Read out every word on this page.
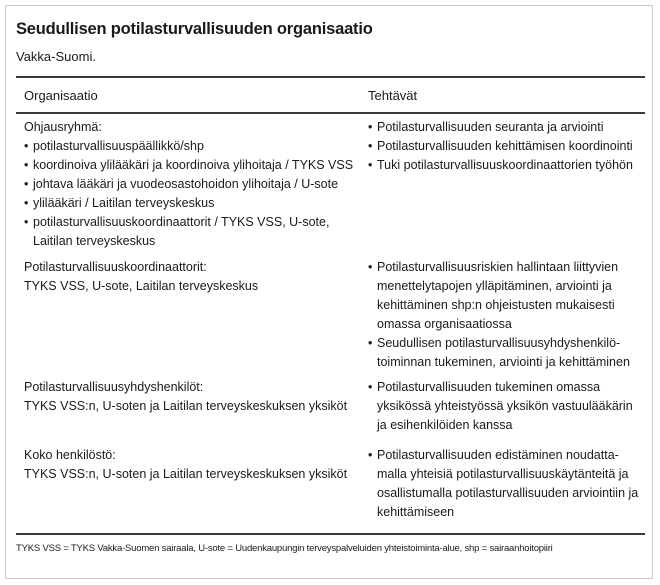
Seudullisen potilasturvallisuuden organisaatio
Vakka-Suomi.
Organisaatio	Tehtävät
Ohjausryhmä:
• potilasturvallisuuspäällikkö/shp
• koordinoiva ylilääkäri ja koordinoiva ylihoitaja / TYKS VSS
• johtava lääkäri ja vuodeosastohoidon ylihoitaja / U-sote
• ylilääkäri / Laitilan terveyskeskus
• potilasturvallisuuskoordinaattorit / TYKS VSS, U-sote, Laitilan terveyskeskus
• Potilasturvallisuuden seuranta ja arviointi
• Potilasturvallisuuden kehittämisen koordinointi
• Tuki potilasturvallisuuskoordinaattorien työhön
Potilasturvallisuuskoordinaattorit:
TYKS VSS, U-sote, Laitilan terveyskeskus
• Potilasturvallisuusriskien hallintaan liittyvien menettelytapojen ylläpitäminen, arviointi ja kehittäminen shp:n ohjeistusten mukaisesti omassa organisaatiossa
• Seudullisen potilasturvallisuusyhdyshenkilö-toiminnan tukeminen, arviointi ja kehittäminen
Potilasturvallisuusyhdyshenkilöt:
TYKS VSS:n, U-soten ja Laitilan terveyskeskuksen yksiköt
• Potilasturvallisuuden tukeminen omassa yksikössä yhteistyössä yksikön vastuulääkärin ja esihenkilöiden kanssa
Koko henkilöstö:
TYKS VSS:n, U-soten ja Laitilan terveyskeskuksen yksiköt
• Potilasturvallisuuden edistäminen noudatta-malla yhteisiä potilasturvallisuuskäytänteitä ja osallistumalla potilasturvallisuuden arviointiin ja kehittämiseen
TYKS VSS = TYKS Vakka-Suomen sairaala, U-sote = Uudenkaupungin terveyspalveluiden yhteistoiminta-alue, shp = sairaanhoitopiiri
